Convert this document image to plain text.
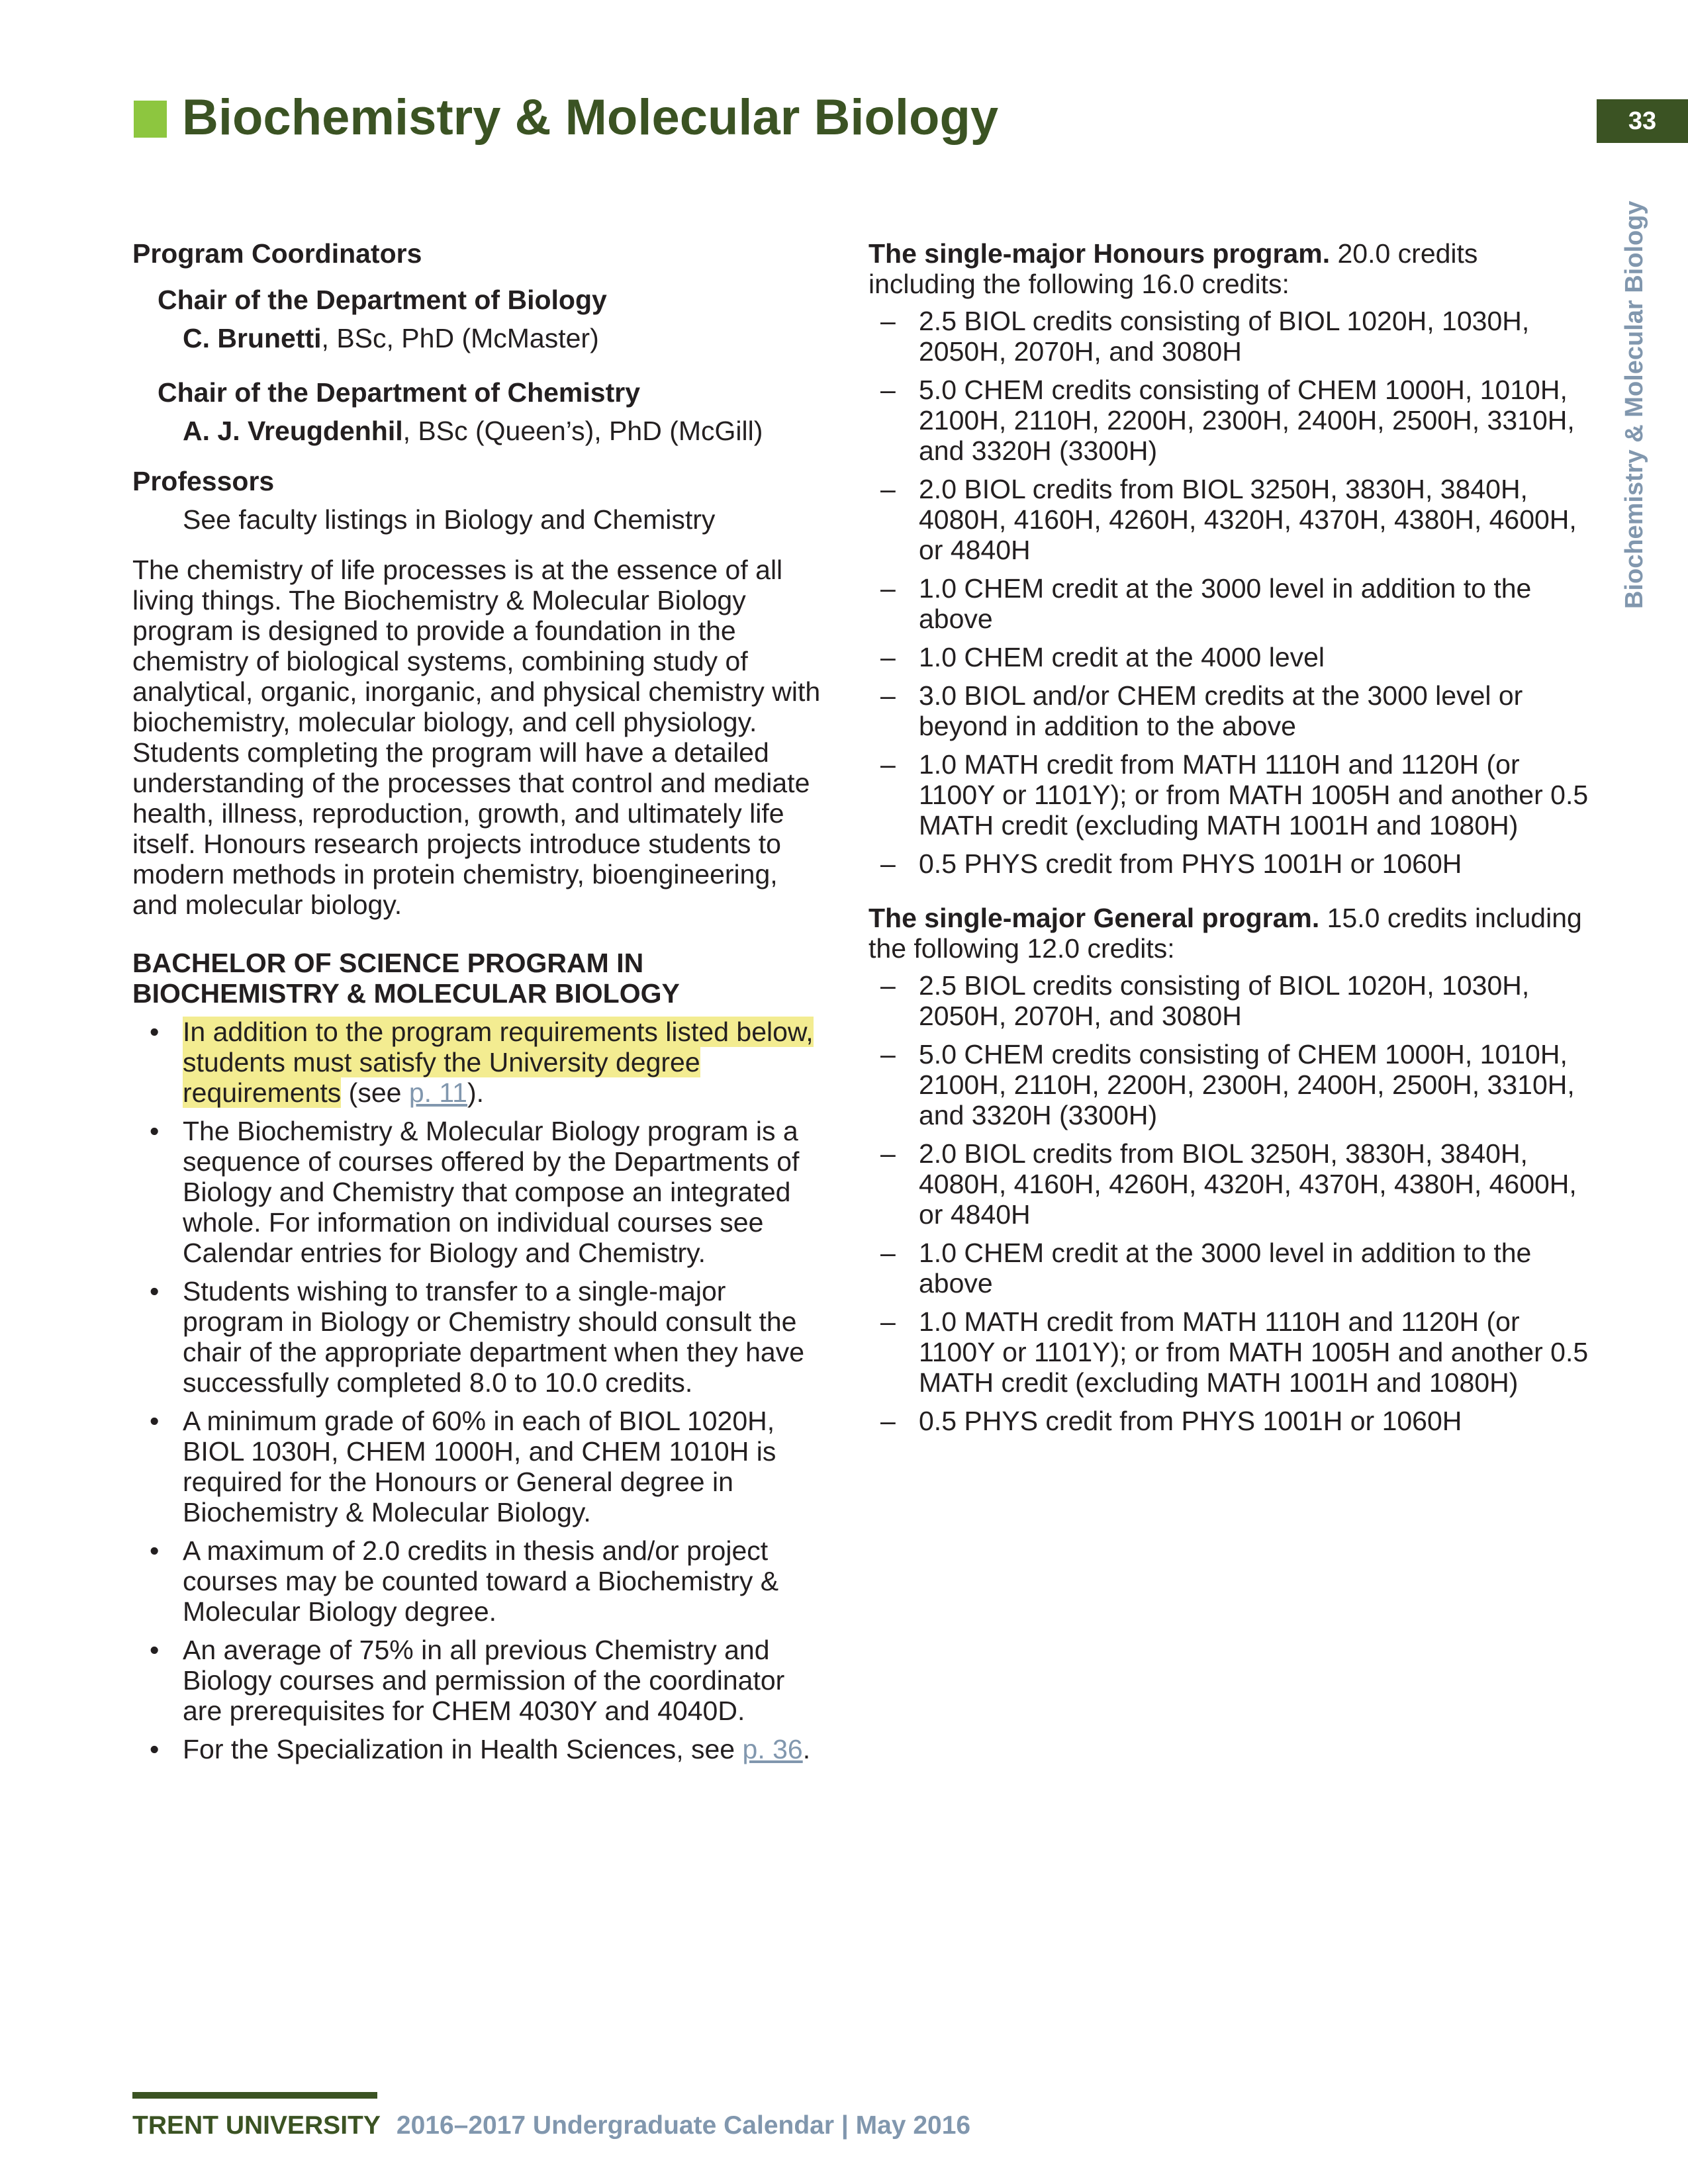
Biochemistry & Molecular Biology	33
Biochemistry & Molecular Biology
Program Coordinators
Chair of the Department of Biology
C. Brunetti, BSc, PhD (McMaster)
Chair of the Department of Chemistry
A. J. Vreugdenhil, BSc (Queen’s), PhD (McGill)
Professors
See faculty listings in Biology and Chemistry

The chemistry of life processes is at the essence of all living things. The Biochemistry & Molecular Biology program is designed to provide a foundation in the chemistry of biological systems, combining study of analytical, organic, inorganic, and physical chemistry with biochemistry, molecular biology, and cell physiology. Students completing the program will have a detailed understanding of the processes that control and mediate health, illness, reproduction, growth, and ultimately life itself. Honours research projects introduce students to modern methods in protein chemistry, bioengineering, and molecular biology.

BACHELOR OF SCIENCE PROGRAM IN BIOCHEMISTRY & MOLECULAR BIOLOGY
• In addition to the program requirements listed below, students must satisfy the University degree requirements (see p. 11).
• The Biochemistry & Molecular Biology program is a sequence of courses offered by the Departments of Biology and Chemistry that compose an integrated whole. For information on individual courses see Calendar entries for Biology and Chemistry.
• Students wishing to transfer to a single-major program in Biology or Chemistry should consult the chair of the appropriate department when they have successfully completed 8.0 to 10.0 credits.
• A minimum grade of 60% in each of BIOL 1020H, BIOL 1030H, CHEM 1000H, and CHEM 1010H is required for the Honours or General degree in Biochemistry & Molecular Biology.
• A maximum of 2.0 credits in thesis and/or project courses may be counted toward a Biochemistry & Molecular Biology degree.
• An average of 75% in all previous Chemistry and Biology courses and permission of the coordinator are prerequisites for CHEM 4030Y and 4040D.
• For the Specialization in Health Sciences, see p. 36.

The single-major Honours program. 20.0 credits including the following 16.0 credits:

– 2.5 BIOL credits consisting of BIOL 1020H, 1030H, 2050H, 2070H, and 3080H
– 5.0 CHEM credits consisting of CHEM 1000H, 1010H, 2100H, 2110H, 2200H, 2300H, 2400H, 2500H, 3310H, and 3320H (3300H)
– 2.0 BIOL credits from BIOL 3250H, 3830H, 3840H, 4080H, 4160H, 4260H, 4320H, 4370H, 4380H, 4600H, or 4840H
– 1.0 CHEM credit at the 3000 level in addition to the above
– 1.0 CHEM credit at the 4000 level
– 3.0 BIOL and/or CHEM credits at the 3000 level or beyond in addition to the above
– 1.0 MATH credit from MATH 1110H and 1120H (or 1100Y or 1101Y); or from MATH 1005H and another 0.5 MATH credit (excluding MATH 1001H and 1080H)
– 0.5 PHYS credit from PHYS 1001H or 1060H

The single-major General program. 15.0 credits including the following 12.0 credits:

– 2.5 BIOL credits consisting of BIOL 1020H, 1030H, 2050H, 2070H, and 3080H
– 5.0 CHEM credits consisting of CHEM 1000H, 1010H, 2100H, 2110H, 2200H, 2300H, 2400H, 2500H, 3310H, and 3320H (3300H)
– 2.0 BIOL credits from BIOL 3250H, 3830H, 3840H, 4080H, 4160H, 4260H, 4320H, 4370H, 4380H, 4600H, or 4840H
– 1.0 CHEM credit at the 3000 level in addition to the above
– 1.0 MATH credit from MATH 1110H and 1120H (or 1100Y or 1101Y); or from MATH 1005H and another 0.5 MATH credit (excluding MATH 1001H and 1080H)
– 0.5 PHYS credit from PHYS 1001H or 1060H
TRENT UNIVERSITY 2016–2017 Undergraduate Calendar | May 2016
